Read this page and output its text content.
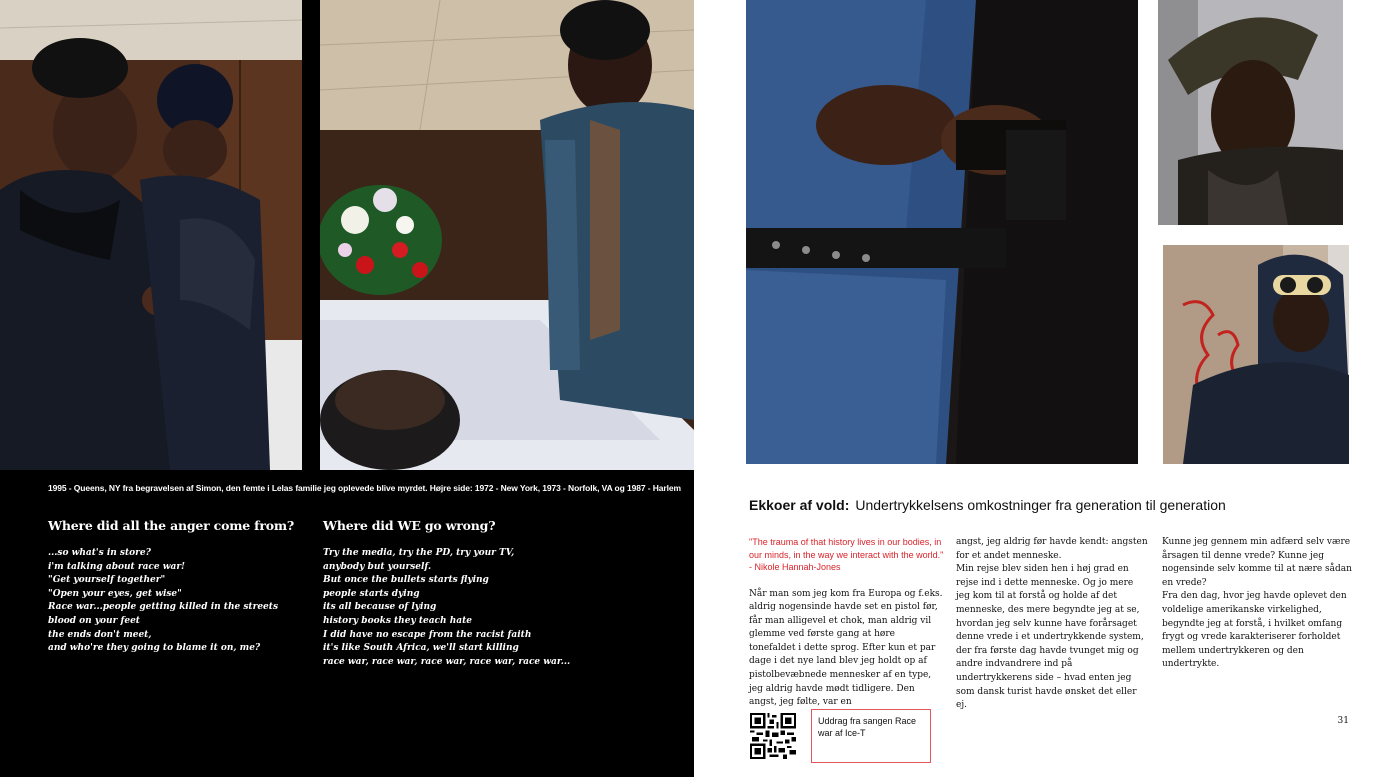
1995 - Queens, NY fra begravelsen af Simon, den femte i Lelas familie jeg oplevede blive myrdet. Højre side: 1972 - New York, 1973 - Norfolk, VA og 1987 - Harlem
Where did all the anger come from?
...so what's in store?
i'm talking about race war!
"Get yourself together"
"Open your eyes, get wise"
Race war...people getting killed in the streets
blood on your feet
the ends don't meet,
and who're they going to blame it on, me?
Where did WE go wrong?
Try the media, try the PD, try your TV,
anybody but yourself.
But once the bullets starts flying
people starts dying
its all because of lying
history books they teach hate
I did have no escape from the racist faith
it's like South Africa, we'll start killing
race war, race war, race war, race war, race war...
Ekkoer af vold: Undertrykkelsens omkostninger fra generation til generation

"The trauma of that history lives in our bodies, in our minds, in the way we interact with the world." - Nikole Hannah-Jones

Når man som jeg kom fra Europa og f.eks. aldrig nogensinde havde set en pistol før, får man alligevel et chok, man aldrig vil glemme ved første gang at høre tonefaldet i dette sprog. Efter kun et par dage i det nye land blev jeg holdt op af pistolbevæbnede mennesker af en type, jeg aldrig havde mødt tidligere. Den angst, jeg følte, var en

angst, jeg aldrig før havde kendt: angsten for et andet menneske.

Min rejse blev siden hen i høj grad en rejse ind i dette menneske. Og jo mere jeg kom til at forstå og holde af det menneske, des mere begyndte jeg at se, hvordan jeg selv kunne have forårsaget denne vrede i et undertrykkende system, der fra første dag havde tvunget mig og andre indvandrere ind på undertrykkerens side – hvad enten jeg som dansk turist havde ønsket det eller ej.

Kunne jeg gennem min adfærd selv være årsagen til denne vrede? Kunne jeg nogensinde selv komme til at nære sådan en vrede?

Fra den dag, hvor jeg havde oplevet den voldelige amerikanske virkelighed, begyndte jeg at forstå, i hvilket omfang frygt og vrede karakteriserer forholdet mellem undertrykkeren og den undertrykte.

Uddrag fra sangen Race war af Ice-T
31
